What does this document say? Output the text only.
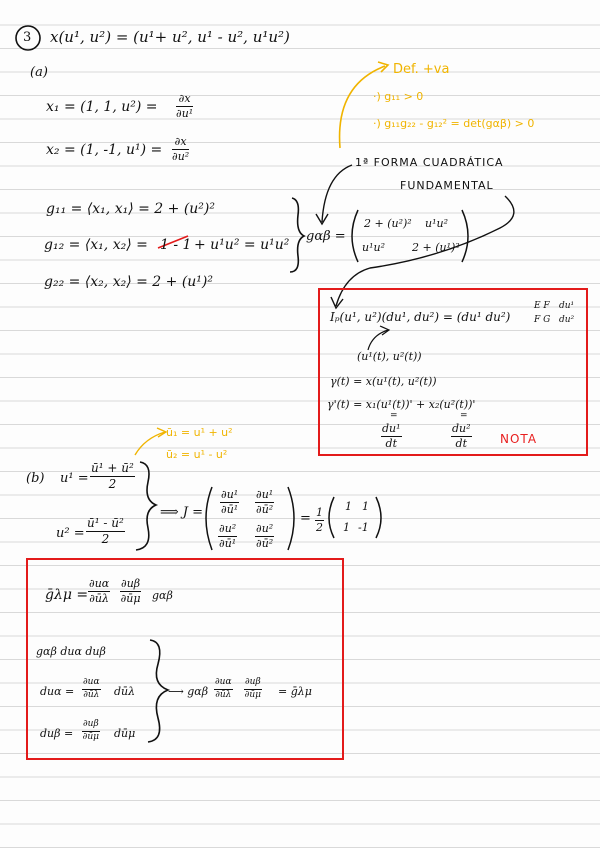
3 x(u¹, u²) = (u¹+ u², u¹ - u², u¹u²)
(a)
x₁ = (1, 1, $u^2) = \frac{\partial x}{\text{∂u¹}}$
x₂ = (1, -1, $u^1) = \frac{\partial x}{\text{∂u²}}$
g₁₁ = ⟨x₁, x₁⟩ = 2 + (u²)²
g₁₂ = ⟨x₁, x₂⟩ = 1 - 1 + u¹u² = u¹u²
g₂₂ = ⟨x₂, x₂⟩ = 2 + (u¹)²
Def. +va
·) g₁₁ > 0
·) g₁₁g₂₂ - g₁₂² = det(gαβ) > 0
1ª FORMA CUADRÁTICA
FUNDAMENTAL
gαβ =
2 + (u²)² u¹u²
u¹u² 2 + (u¹)²
Iₚ(u¹, u²)(du¹, du²) = (du¹ du²)
E F
F G
du¹
du²
(u¹(t), u²(t))
γ(t) = x(u¹(t), u²(t))
γ'(t) = x₁(u¹(t))' + x₂(u²(t))'
=	=
$\frac{\text{du¹}}{dt}$	$\frac{\text{du²}}{dt}$ NOTA
ū₁ = u¹ + u²
ū₂ = u¹ - u²
(b) $u^1 = \frac{\text{ū¹ + ū²}}{2}$
$u^2 = \frac{\text{ū¹ - ū²}}{2}$
⟹ $J = \frac{\text{∂u¹}}{\text{∂ū¹}} \frac{\text{∂u¹}}{\text{∂ū²}}$
$\frac{\text{∂u²}}{\text{∂ū¹}} \frac{\text{∂u²}}{\text{∂ū²}}$
= $\frac{1}{2}$
1 1
1 -1
ḡλμ = $\frac{\partial u\alpha}{\partial ū\lambda} \frac{\partial u\beta}{\partial ū\mu}$ gαβ
gαβ duα duβ
$du\alpha = \frac{\partial u\alpha}{\partial ū\lambda}$ dūλ
$du\beta = \frac{\partial u\beta}{\partial ū\mu}$ dūμ
⟶ gαβ $\frac{\partial u\alpha}{\partial ū\lambda} \frac{\partial u\beta}{\partial ū\mu}$ = ḡλμ
